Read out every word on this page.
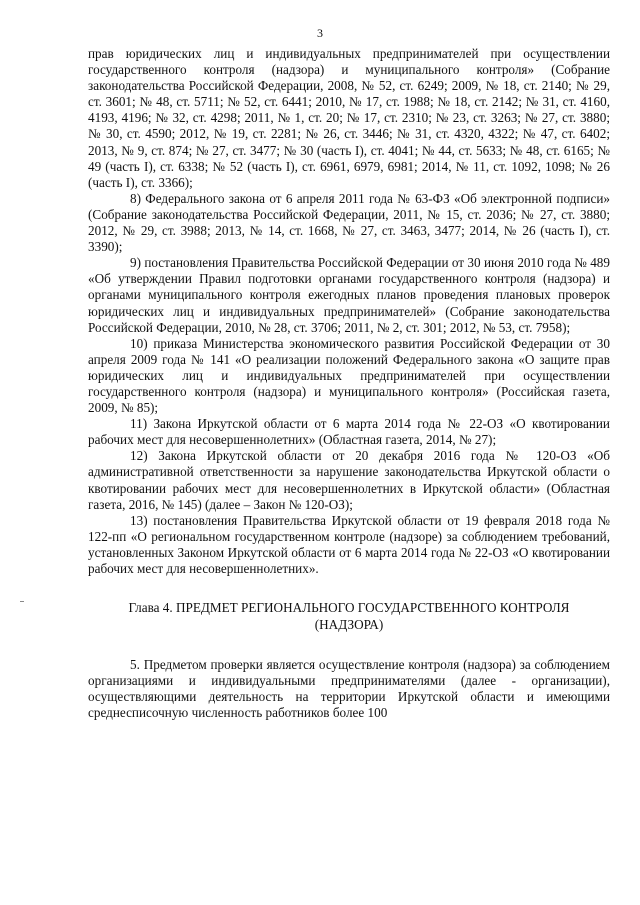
3

прав юридических лиц и индивидуальных предпринимателей при осуществлении государственного контроля (надзора) и муниципального контроля» (Собрание законодательства Российской Федерации, 2008, № 52, ст. 6249; 2009, № 18, ст. 2140; № 29, ст. 3601; № 48, ст. 5711; № 52, ст. 6441; 2010, № 17, ст. 1988; № 18, ст. 2142; № 31, ст. 4160, 4193, 4196; № 32, ст. 4298; 2011, № 1, ст. 20; № 17, ст. 2310; № 23, ст. 3263; № 27, ст. 3880; № 30, ст. 4590; 2012, № 19, ст. 2281; № 26, ст. 3446; № 31, ст. 4320, 4322; № 47, ст. 6402; 2013, № 9, ст. 874; № 27, ст. 3477; № 30 (часть I), ст. 4041; № 44, ст. 5633; № 48, ст. 6165; № 49 (часть I), ст. 6338; № 52 (часть I), ст. 6961, 6979, 6981; 2014, № 11, ст. 1092, 1098; № 26 (часть I), ст. 3366);

8) Федерального закона от 6 апреля 2011 года № 63-ФЗ «Об электронной подписи» (Собрание законодательства Российской Федерации, 2011, № 15, ст. 2036; № 27, ст. 3880; 2012, № 29, ст. 3988; 2013, № 14, ст. 1668, № 27, ст. 3463, 3477; 2014, № 26 (часть I), ст. 3390);

9) постановления Правительства Российской Федерации от 30 июня 2010 года № 489 «Об утверждении Правил подготовки органами государственного контроля (надзора) и органами муниципального контроля ежегодных планов проведения плановых проверок юридических лиц и индивидуальных предпринимателей» (Собрание законодательства Российской Федерации, 2010, № 28, ст. 3706; 2011, № 2, ст. 301; 2012, № 53, ст. 7958);

10) приказа Министерства экономического развития Российской Федерации от 30 апреля 2009 года № 141 «О реализации положений Федерального закона «О защите прав юридических лиц и индивидуальных предпринимателей при осуществлении государственного контроля (надзора) и муниципального контроля» (Российская газета, 2009, № 85);

11) Закона Иркутской области от 6 марта 2014 года № 22-ОЗ «О квотировании рабочих мест для несовершеннолетних» (Областная газета, 2014, № 27);

12) Закона Иркутской области от 20 декабря 2016 года № 120-ОЗ «Об административной ответственности за нарушение законодательства Иркутской области о квотировании рабочих мест для несовершеннолетних в Иркутской области» (Областная газета, 2016, № 145) (далее – Закон № 120-ОЗ);

13) постановления Правительства Иркутской области от 19 февраля 2018 года № 122-пп «О региональном государственном контроле (надзоре) за соблюдением требований, установленных Законом Иркутской области от 6 марта 2014 года № 22-ОЗ «О квотировании рабочих мест для несовершеннолетних».

Глава 4. ПРЕДМЕТ РЕГИОНАЛЬНОГО ГОСУДАРСТВЕННОГО КОНТРОЛЯ
(НАДЗОРА)

5. Предметом проверки является осуществление контроля (надзора) за соблюдением организациями и индивидуальными предпринимателями (далее - организации), осуществляющими деятельность на территории Иркутской области и имеющими среднесписочную численность работников более 100
